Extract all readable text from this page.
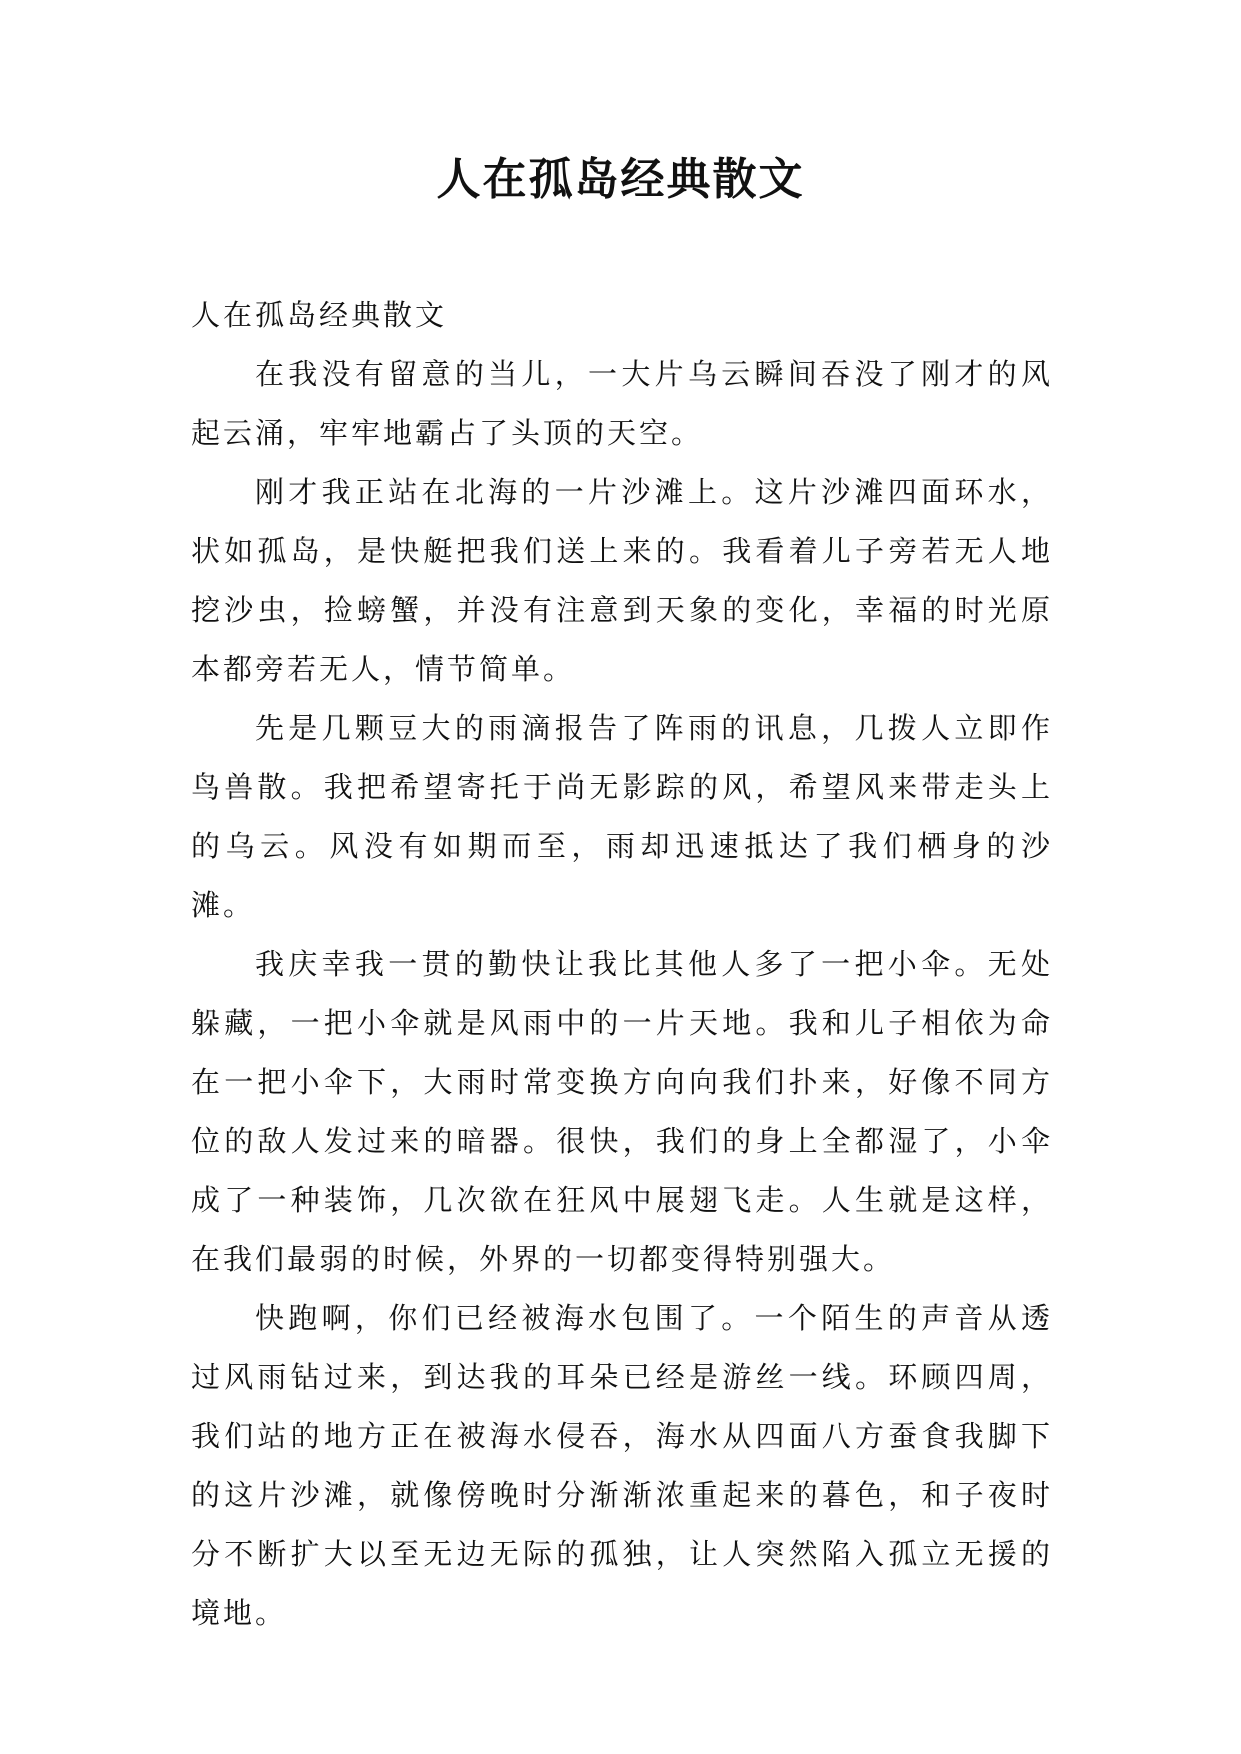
人在孤岛经典散文

人在孤岛经典散文

在我没有留意的当儿，一大片乌云瞬间吞没了刚才的风起云涌，牢牢地霸占了头顶的天空。

刚才我正站在北海的一片沙滩上。这片沙滩四面环水，状如孤岛，是快艇把我们送上来的。我看着儿子旁若无人地挖沙虫，捡螃蟹，并没有注意到天象的变化，幸福的时光原本都旁若无人，情节简单。

先是几颗豆大的雨滴报告了阵雨的讯息，几拨人立即作鸟兽散。我把希望寄托于尚无影踪的风，希望风来带走头上的乌云。风没有如期而至，雨却迅速抵达了我们栖身的沙滩。

我庆幸我一贯的勤快让我比其他人多了一把小伞。无处躲藏，一把小伞就是风雨中的一片天地。我和儿子相依为命在一把小伞下，大雨时常变换方向向我们扑来，好像不同方位的敌人发过来的暗器。很快，我们的身上全都湿了，小伞成了一种装饰，几次欲在狂风中展翅飞走。人生就是这样，在我们最弱的时候，外界的一切都变得特别强大。

快跑啊，你们已经被海水包围了。一个陌生的声音从透过风雨钻过来，到达我的耳朵已经是游丝一线。环顾四周，我们站的地方正在被海水侵吞，海水从四面八方蚕食我脚下的这片沙滩，就像傍晚时分渐渐浓重起来的暮色，和子夜时分不断扩大以至无边无际的孤独，让人突然陷入孤立无援的境地。
